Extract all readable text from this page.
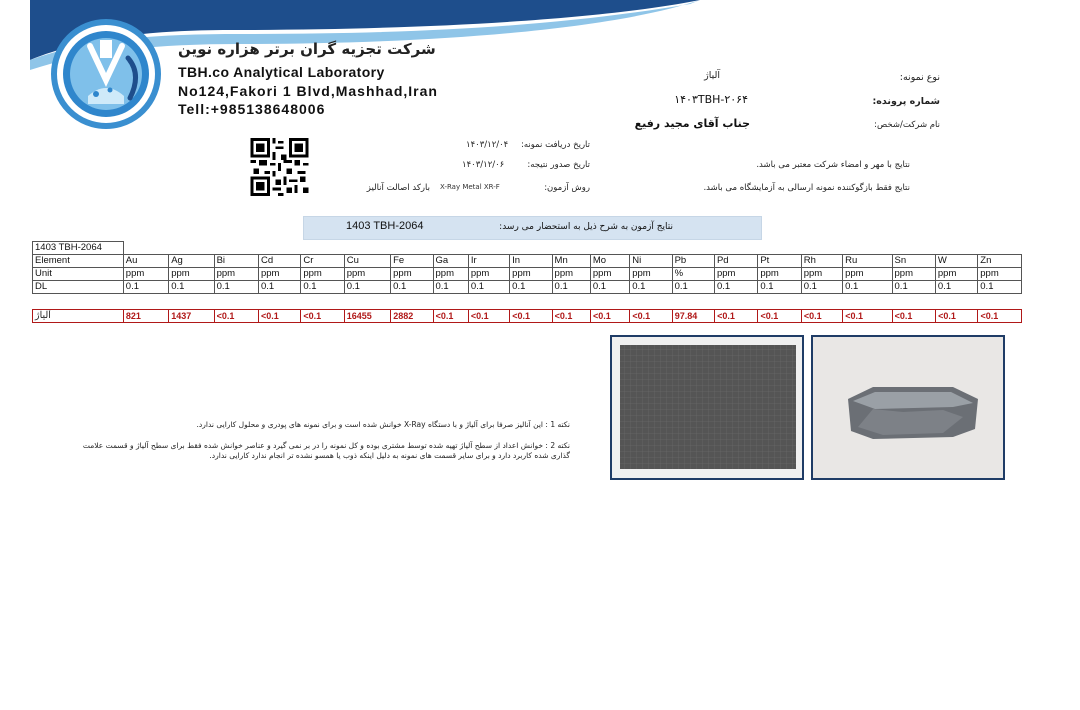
شرکت تجزیه گران برتر هزاره نوین
TBH.co Analytical Laboratory
No124,Fakori 1 Blvd,Mashhad,Iran
Tell:+985138648006
نوع نمونه:
آلیاژ
شماره پرونده:
۱۴۰۳TBH-۲۰۶۴
نام شرکت/شخص:
جناب آقای مجید رفیع
تاریخ دریافت نمونه:
۱۴۰۳/۱۲/۰۴
تاریخ صدور نتیجه:
۱۴۰۳/۱۲/۰۶
روش آزمون:
X-Ray Metal XR-F
بارکد اصالت آنالیز
نتایج با مهر و امضاء شرکت معتبر می باشد.
نتایج فقط بازگوکننده نمونه ارسالی به آزمایشگاه می باشد.
نتایج آزمون به شرح ذیل به استحضار می رسد:
1403 TBH-2064
1403 TBH-2064																					
Element	Au	Ag	Bi	Cd	Cr	Cu	Fe	Ga	Ir	In	Mn	Mo	Ni	Pb	Pd	Pt	Rh	Ru	Sn	W	Zn
Unit	ppm	ppm	ppm	ppm	ppm	ppm	ppm	ppm	ppm	ppm	ppm	ppm	ppm	%	ppm	ppm	ppm	ppm	ppm	ppm	ppm
DL	0.1	0.1	0.1	0.1	0.1	0.1	0.1	0.1	0.1	0.1	0.1	0.1	0.1	0.1	0.1	0.1	0.1	0.1	0.1	0.1	0.1
آلیاژ	821	1437	<0.1	<0.1	<0.1	16455	2882	<0.1	<0.1	<0.1	<0.1	<0.1	<0.1	97.84	<0.1	<0.1	<0.1	<0.1	<0.1	<0.1	<0.1
نکته 1 : این آنالیز صرفا برای آلیاژ و با دستگاه X-Ray خوانش شده است و برای نمونه های پودری و محلول کارایی ندارد.
نکته 2 : خوانش اعداد از سطح آلیاژ تهیه شده توسط مشتری بوده و کل نمونه را در بر نمی گیرد و عناصر خوانش شده فقط برای سطح آلیاژ و قسمت علامت گذاری شده کاربرد دارد و برای سایر قسمت های نمونه به دلیل اینکه ذوب یا همسو نشده تر انجام ندارد کارایی ندارد.
